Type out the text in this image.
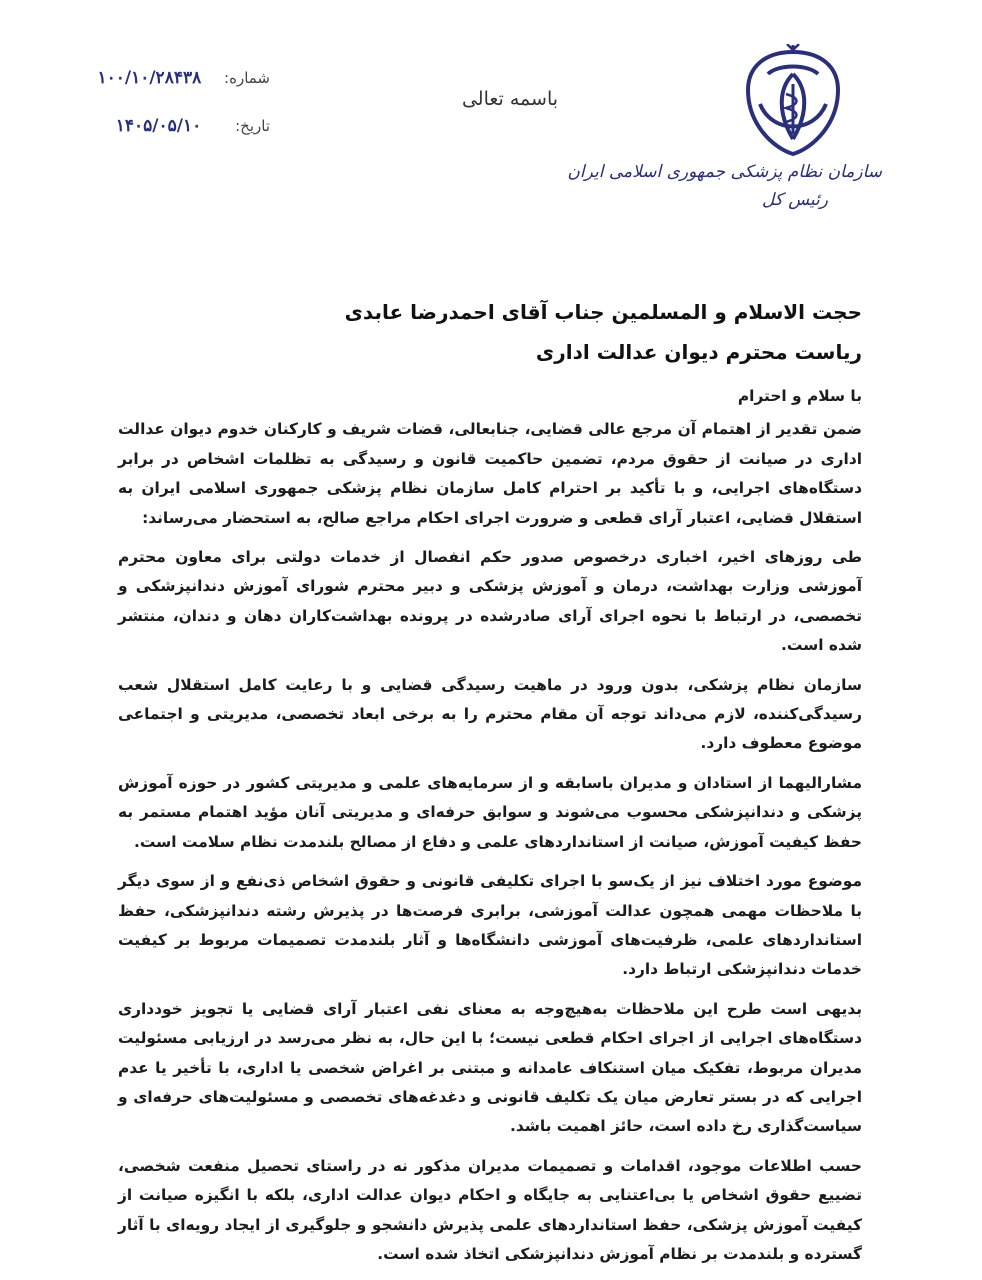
سازمان نظام پزشکی جمهوری اسلامی ایران
رئیس کل
باسمه تعالی
شماره: ۱۰۰/۱۰/۲۸۴۳۸
تاریخ: ۱۴۰۵/۰۵/۱۰
حجت الاسلام و المسلمین جناب آقای احمدرضا عابدی
ریاست محترم دیوان عدالت اداری

با سلام و احترام

ضمن تقدیر از اهتمام آن مرجع عالی قضایی، جنابعالی، قضات شریف و کارکنان خدوم دیوان عدالت اداری در صیانت از حقوق مردم، تضمین حاکمیت قانون و رسیدگی به تظلمات اشخاص در برابر دستگاه‌های اجرایی، و با تأکید بر احترام کامل سازمان نظام پزشکی جمهوری اسلامی ایران به استقلال قضایی، اعتبار آرای قطعی و ضرورت اجرای احکام مراجع صالح، به استحضار می‌رساند:

طی روزهای اخیر، اخباری درخصوص صدور حکم انفصال از خدمات دولتی برای معاون محترم آموزشی وزارت بهداشت، درمان و آموزش پزشکی و دبیر محترم شورای آموزش دندانپزشکی و تخصصی، در ارتباط با نحوه اجرای آرای صادرشده در پرونده بهداشت‌کاران دهان و دندان، منتشر شده است.

سازمان نظام پزشکی، بدون ورود در ماهیت رسیدگی قضایی و با رعایت کامل استقلال شعب رسیدگی‌کننده، لازم می‌داند توجه آن مقام محترم را به برخی ابعاد تخصصی، مدیریتی و اجتماعی موضوع معطوف دارد.

مشارالیهما از استادان و مدیران باسابقه و از سرمایه‌های علمی و مدیریتی کشور در حوزه آموزش پزشکی و دندانپزشکی محسوب می‌شوند و سوابق حرفه‌ای و مدیریتی آنان مؤید اهتمام مستمر به حفظ کیفیت آموزش، صیانت از استانداردهای علمی و دفاع از مصالح بلندمدت نظام سلامت است.

موضوع مورد اختلاف نیز از یک‌سو با اجرای تکلیفی قانونی و حقوق اشخاص ذی‌نفع و از سوی دیگر با ملاحظات مهمی همچون عدالت آموزشی، برابری فرصت‌ها در پذیرش رشته دندانپزشکی، حفظ استانداردهای علمی، ظرفیت‌های آموزشی دانشگاه‌ها و آثار بلندمدت تصمیمات مربوط بر کیفیت خدمات دندانپزشکی ارتباط دارد.

بدیهی است طرح این ملاحظات به‌هیچ‌وجه به معنای نفی اعتبار آرای قضایی یا تجویز خودداری دستگاه‌های اجرایی از اجرای احکام قطعی نیست؛ با این حال، به نظر می‌رسد در ارزیابی مسئولیت مدیران مربوط، تفکیک میان استنکاف عامدانه و مبتنی بر اغراض شخصی یا اداری، با تأخیر یا عدم اجرایی که در بستر تعارض میان یک تکلیف قانونی و دغدغه‌های تخصصی و مسئولیت‌های حرفه‌ای و سیاست‌گذاری رخ داده است، حائز اهمیت باشد.

حسب اطلاعات موجود، اقدامات و تصمیمات مدیران مذکور نه در راستای تحصیل منفعت شخصی، تضییع حقوق اشخاص یا بی‌اعتنایی به جایگاه و احکام دیوان عدالت اداری، بلکه با انگیزه صیانت از کیفیت آموزش پزشکی، حفظ استانداردهای علمی پذیرش دانشجو و جلوگیری از ایجاد رویه‌ای با آثار گسترده و بلندمدت بر نظام آموزش دندانپزشکی اتخاذ شده است.
